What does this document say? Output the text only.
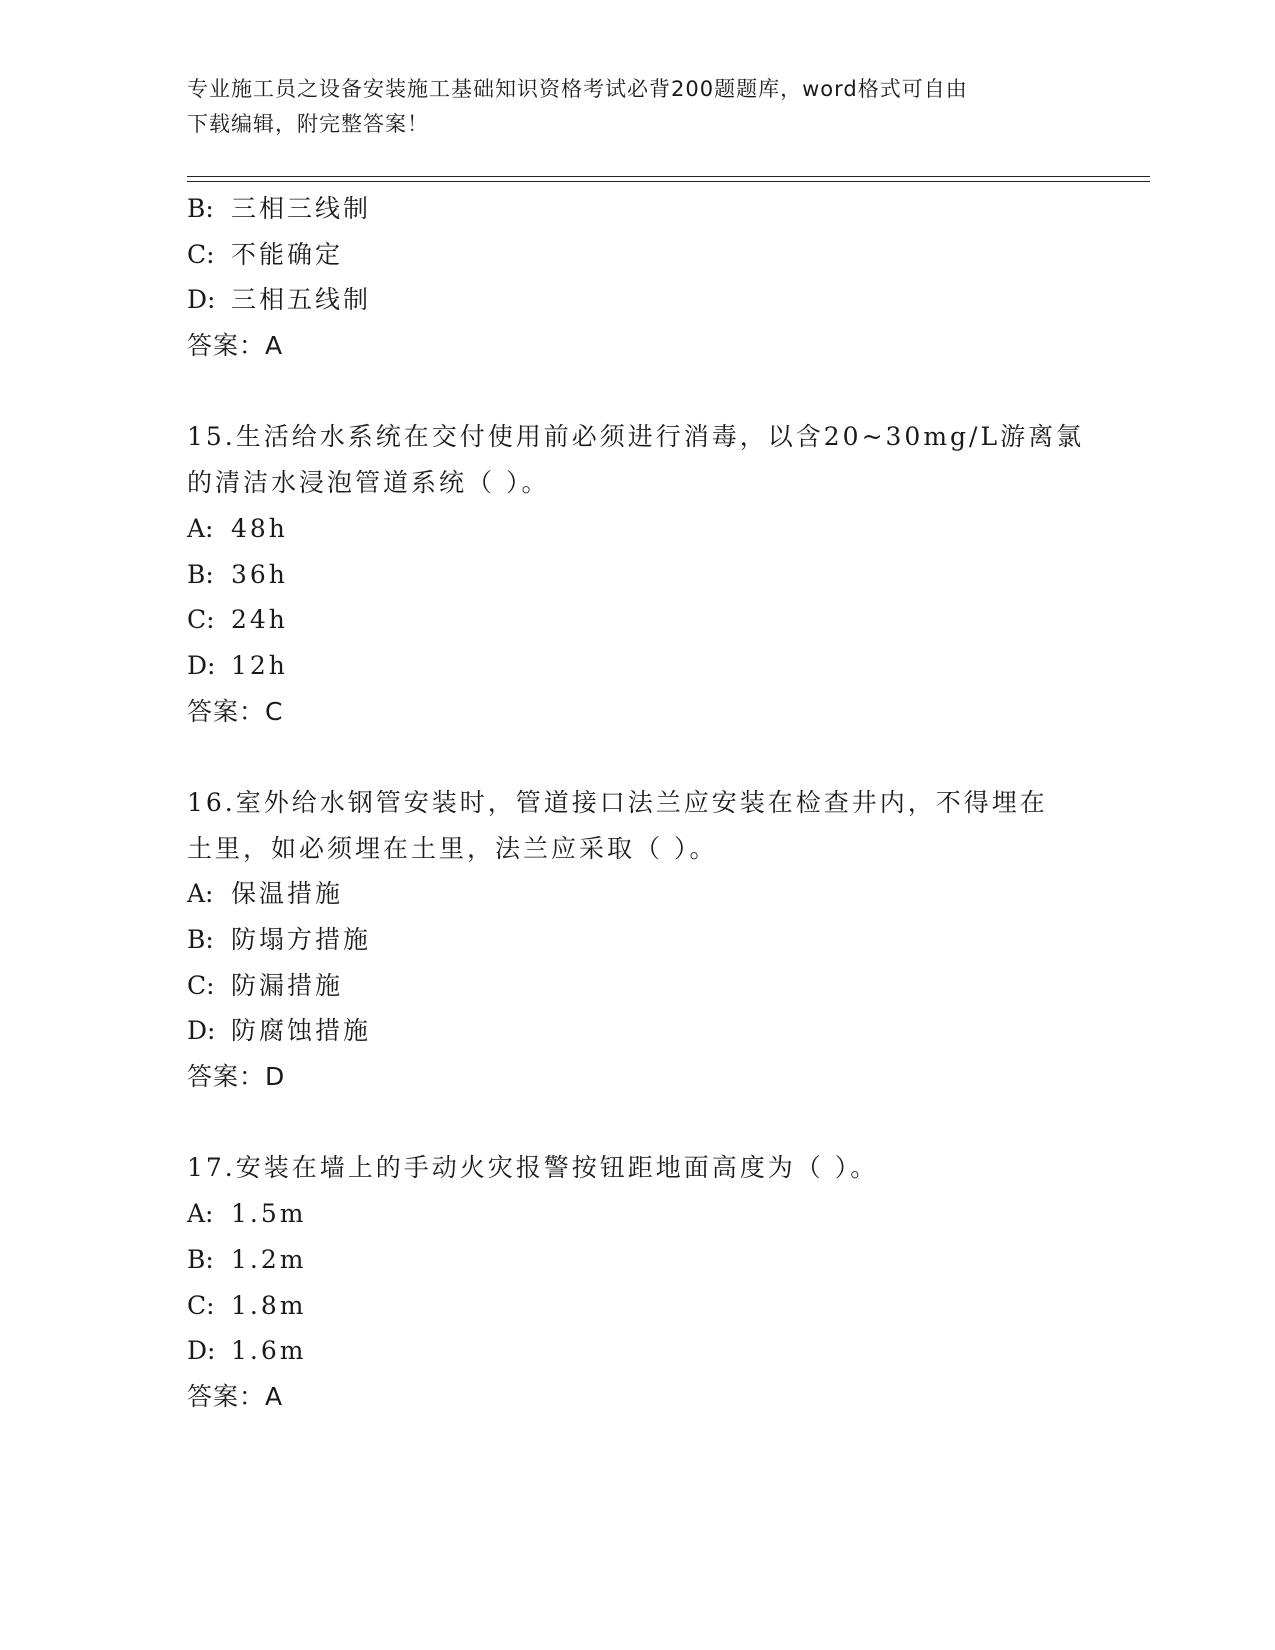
专业施工员之设备安装施工基础知识资格考试必背200题题库，word格式可自由
下载编辑，附完整答案！
B: 三相三线制
C: 不能确定
D: 三相五线制
答案：A
15.生活给水系统在交付使用前必须进行消毒，以含20~30mg/L游离氯
的清洁水浸泡管道系统（ ）。
A: 48h
B: 36h
C: 24h
D: 12h
答案：C
16.室外给水钢管安装时，管道接口法兰应安装在检查井内，不得埋在
土里，如必须埋在土里，法兰应采取（ ）。
A: 保温措施
B: 防塌方措施
C: 防漏措施
D: 防腐蚀措施
答案：D
17.安装在墙上的手动火灾报警按钮距地面高度为（ ）。
A: 1.5m
B: 1.2m
C: 1.8m
D: 1.6m
答案：A
